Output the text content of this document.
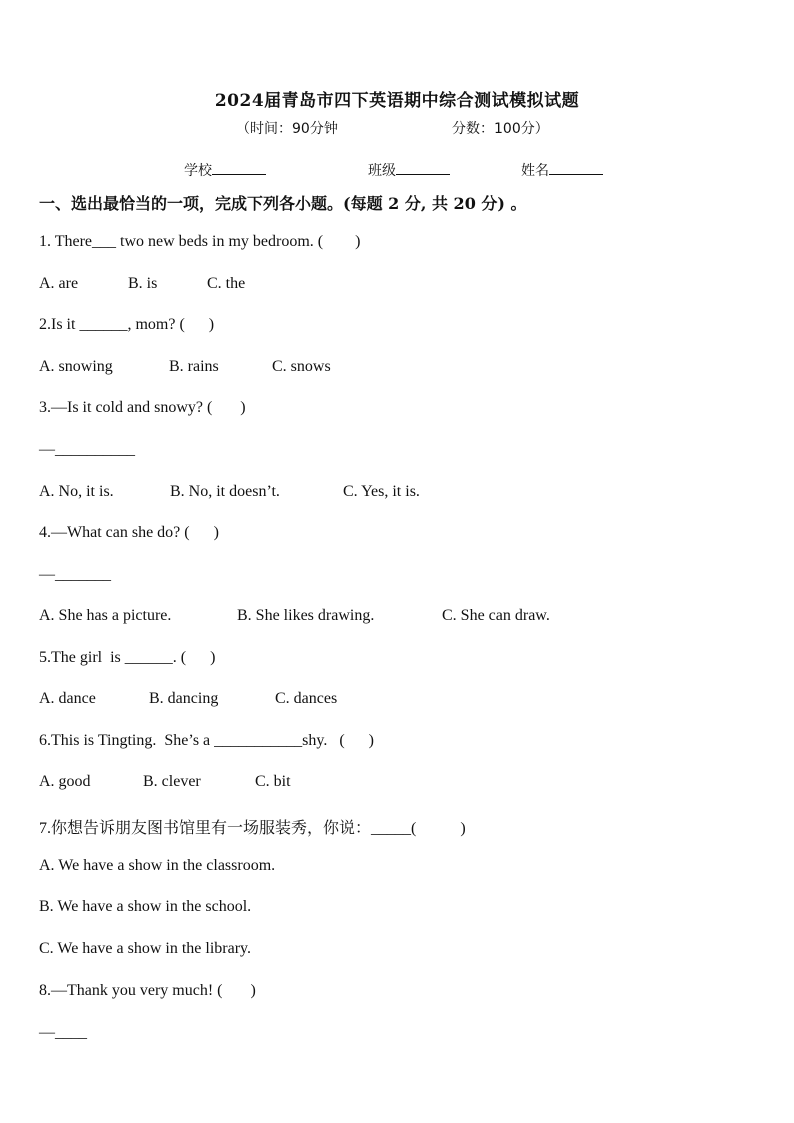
2024届青岛市四下英语期中综合测试模拟试题
（时间：90分钟	分数：100分）
学校	班级	姓名
一、选出最恰当的一项，完成下列各小题。(每题 2 分, 共 20 分) 。
1. There___ two new beds in my bedroom. (        )
A. are	B. is	C. the
2.Is it ______, mom? (      )
A. snowing	B. rains	C. snows
3.—Is it cold and snowy? (       )
—__________
A. No, it is.	B. No, it doesn’t.	C. Yes, it is.
4.—What can she do? (      )
—_______
A. She has a picture.	B. She likes drawing.	C. She can draw.
5.The girl  is ______. (      )
A. dance	B. dancing	C. dances
6.This is Tingting.  She’s a ___________shy.   (      )
A. good	B. clever	C. bit
7.你想告诉朋友图书馆里有一场服装秀，你说：_____(           )
A. We have a show in the classroom.
B. We have a show in the school.
C. We have a show in the library.
8.—Thank you very much! (       )
—____
